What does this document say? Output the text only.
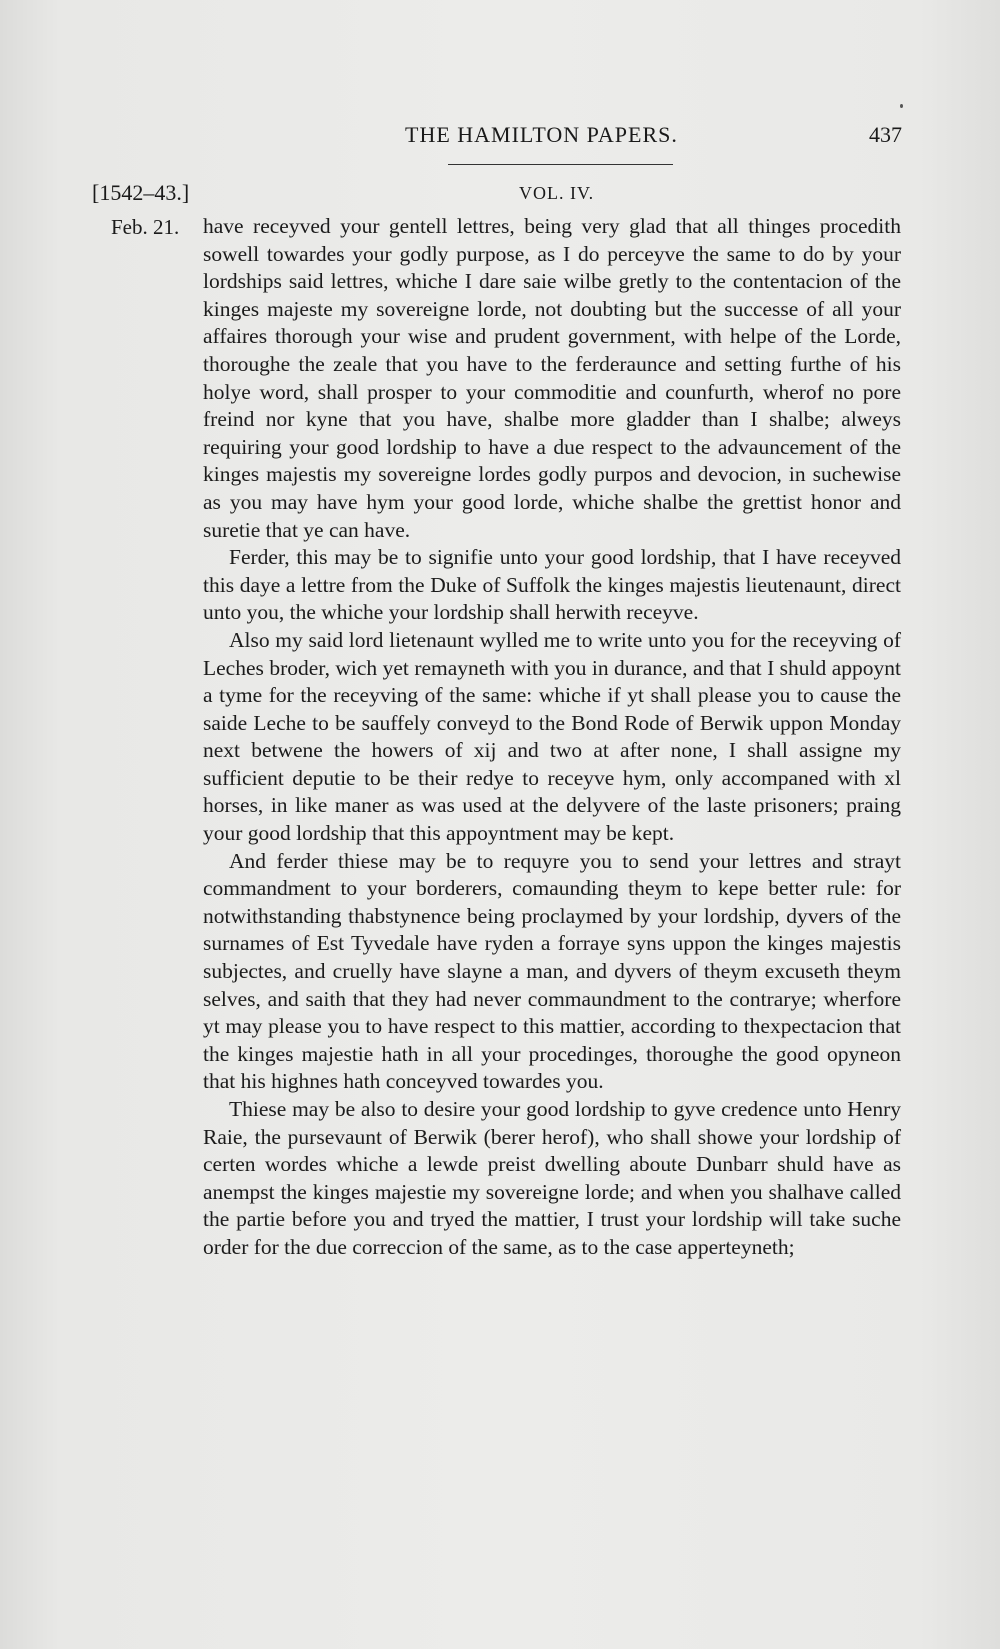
THE HAMILTON PAPERS.	437
[1542–43.]	VOL. IV.
Feb. 21. have receyved your gentell lettres, being very glad that all thinges procedith sowell towardes your godly purpose, as I do perceyve the same to do by your lordships said lettres, whiche I dare saie wilbe gretly to the contentacion of the kinges majeste my sovereigne lorde, not doubting but the successe of all your affaires thorough your wise and prudent government, with helpe of the Lorde, thoroughe the zeale that you have to the ferderaunce and setting furthe of his holye word, shall prosper to your commoditie and counfurth, wherof no pore freind nor kyne that you have, shalbe more gladder than I shalbe; alweys requiring your good lordship to have a due respect to the advauncement of the kinges majestis my sovereigne lordes godly purpos and devocion, in suchewise as you may have hym your good lorde, whiche shalbe the grettist honor and suretie that ye can have.

Ferder, this may be to signifie unto your good lordship, that I have receyved this daye a lettre from the Duke of Suffolk the kinges majestis lieutenaunt, direct unto you, the whiche your lordship shall herwith receyve.

Also my said lord lietenaunt wylled me to write unto you for the receyving of Leches broder, wich yet remayneth with you in durance, and that I shuld appoynt a tyme for the receyving of the same: whiche if yt shall please you to cause the saide Leche to be sauffely conveyd to the Bond Rode of Berwik uppon Monday next betwene the howers of xij and two at after none, I shall assigne my sufficient deputie to be their redye to receyve hym, only accompaned with xl horses, in like maner as was used at the delyvere of the laste prisoners; praing your good lordship that this appoyntment may be kept.

And ferder thiese may be to requyre you to send your lettres and strayt commandment to your borderers, comaunding theym to kepe better rule: for notwithstanding thabstynence being proclaymed by your lordship, dyvers of the surnames of Est Tyvedale have ryden a forraye syns uppon the kinges majestis subjectes, and cruelly have slayne a man, and dyvers of theym excuseth theym selves, and saith that they had never commaundment to the contrarye; wherfore yt may please you to have respect to this mattier, according to thexpectacion that the kinges majestie hath in all your procedinges, thoroughe the good opyneon that his highnes hath conceyved towardes you.

Thiese may be also to desire your good lordship to gyve credence unto Henry Raie, the pursevaunt of Berwik (berer herof), who shall showe your lordship of certen wordes whiche a lewde preist dwelling aboute Dunbarr shuld have as anempst the kinges majestie my sovereigne lorde; and when you shalhave called the partie before you and tryed the mattier, I trust your lordship will take suche order for the due correccion of the same, as to the case apperteyneth;
